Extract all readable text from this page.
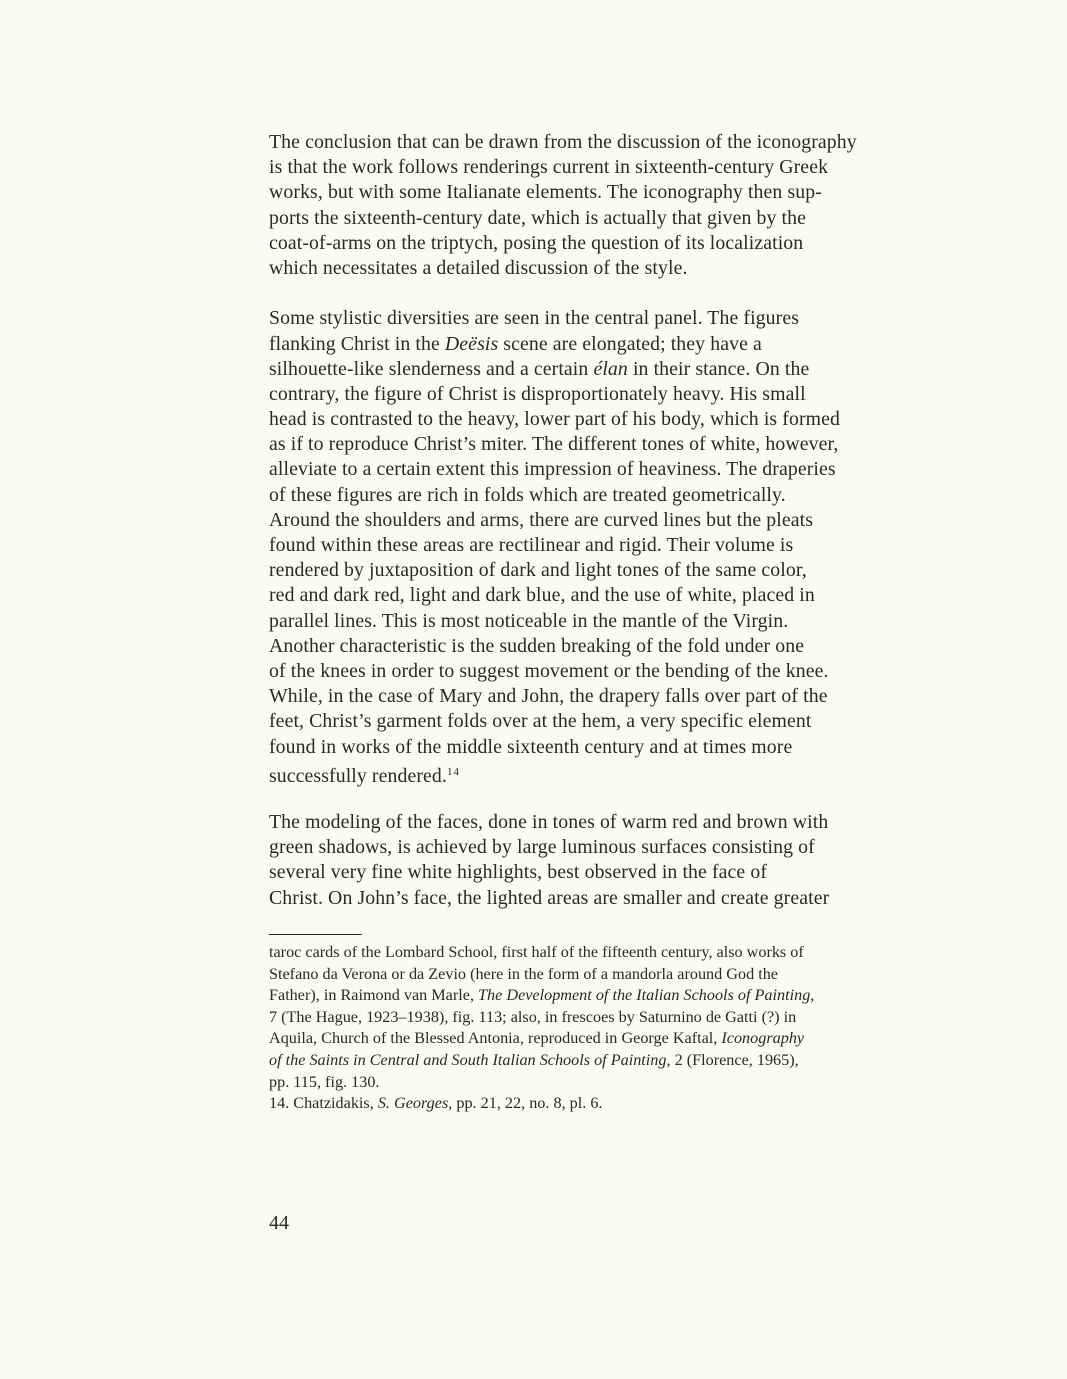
The conclusion that can be drawn from the discussion of the iconography
is that the work follows renderings current in sixteenth-century Greek
works, but with some Italianate elements. The iconography then sup-
ports the sixteenth-century date, which is actually that given by the
coat-of-arms on the triptych, posing the question of its localization
which necessitates a detailed discussion of the style.
Some stylistic diversities are seen in the central panel. The figures
flanking Christ in the Deësis scene are elongated; they have a
silhouette-like slenderness and a certain élan in their stance. On the
contrary, the figure of Christ is disproportionately heavy. His small
head is contrasted to the heavy, lower part of his body, which is formed
as if to reproduce Christ’s miter. The different tones of white, however,
alleviate to a certain extent this impression of heaviness. The draperies
of these figures are rich in folds which are treated geometrically.
Around the shoulders and arms, there are curved lines but the pleats
found within these areas are rectilinear and rigid. Their volume is
rendered by juxtaposition of dark and light tones of the same color,
red and dark red, light and dark blue, and the use of white, placed in
parallel lines. This is most noticeable in the mantle of the Virgin.
Another characteristic is the sudden breaking of the fold under one
of the knees in order to suggest movement or the bending of the knee.
While, in the case of Mary and John, the drapery falls over part of the
feet, Christ’s garment folds over at the hem, a very specific element
found in works of the middle sixteenth century and at times more
successfully rendered.$^{14}$
The modeling of the faces, done in tones of warm red and brown with
green shadows, is achieved by large luminous surfaces consisting of
several very fine white highlights, best observed in the face of
Christ. On John’s face, the lighted areas are smaller and create greater
taroc cards of the Lombard School, first half of the fifteenth century, also works of
Stefano da Verona or da Zevio (here in the form of a mandorla around God the
Father), in Raimond van Marle, The Development of the Italian Schools of Painting,
7 (The Hague, 1923–1938), fig. 113; also, in frescoes by Saturnino de Gatti (?) in
Aquila, Church of the Blessed Antonia, reproduced in George Kaftal, Iconography
of the Saints in Central and South Italian Schools of Painting, 2 (Florence, 1965),
pp. 115, fig. 130.
14. Chatzidakis, S. Georges, pp. 21, 22, no. 8, pl. 6.
44
